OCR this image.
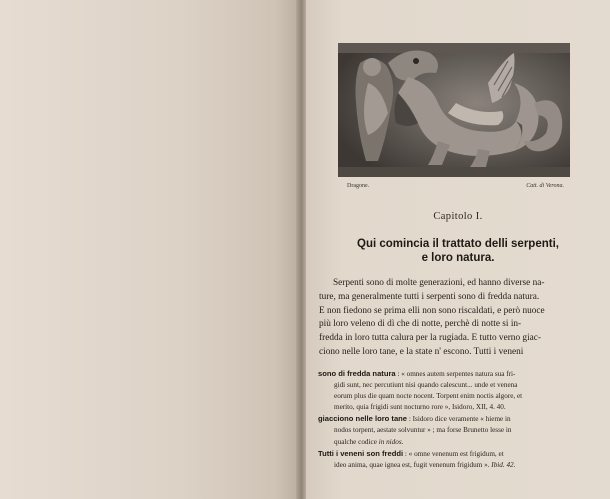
Dragone.	Catt. di Verona.
Capitolo I.
Qui comincia il trattato delli serpenti,
e loro natura.
Serpenti sono di molte generazioni, ed hanno diverse na-
ture, ma generalmente tutti i serpenti sono di fredda natura.
E non fiedono se prima elli non sono riscaldati, e però nuoce
più loro veleno di dì che di notte, perchè di notte si in-
fredda in loro tutta calura per la rugiada. E tutto verno giac-
ciono nelle loro tane, e la state n' escono. Tutti i veneni
sono di fredda natura : « omnes autem serpentes natura sua fri-
gidi sunt, nec percutiunt nisi quando calescunt... unde et venena
eorum plus die quam nocte nocent. Torpent enim noctis algore, et
merito, quia frigidi sunt nocturno rore », Isidoro, XII, 4. 40.
giacciono nelle loro tane : Isidoro dice veramente « hieme in
nodos torpent, aestate solvuntur » ; ma forse Brunetto lesse in
qualche codice in nidos.
Tutti i veneni son freddi : « omne venenum est frigidum, et
ideo anima, quae ignea est, fugit venenum frigidum ». Ibid. 42.
